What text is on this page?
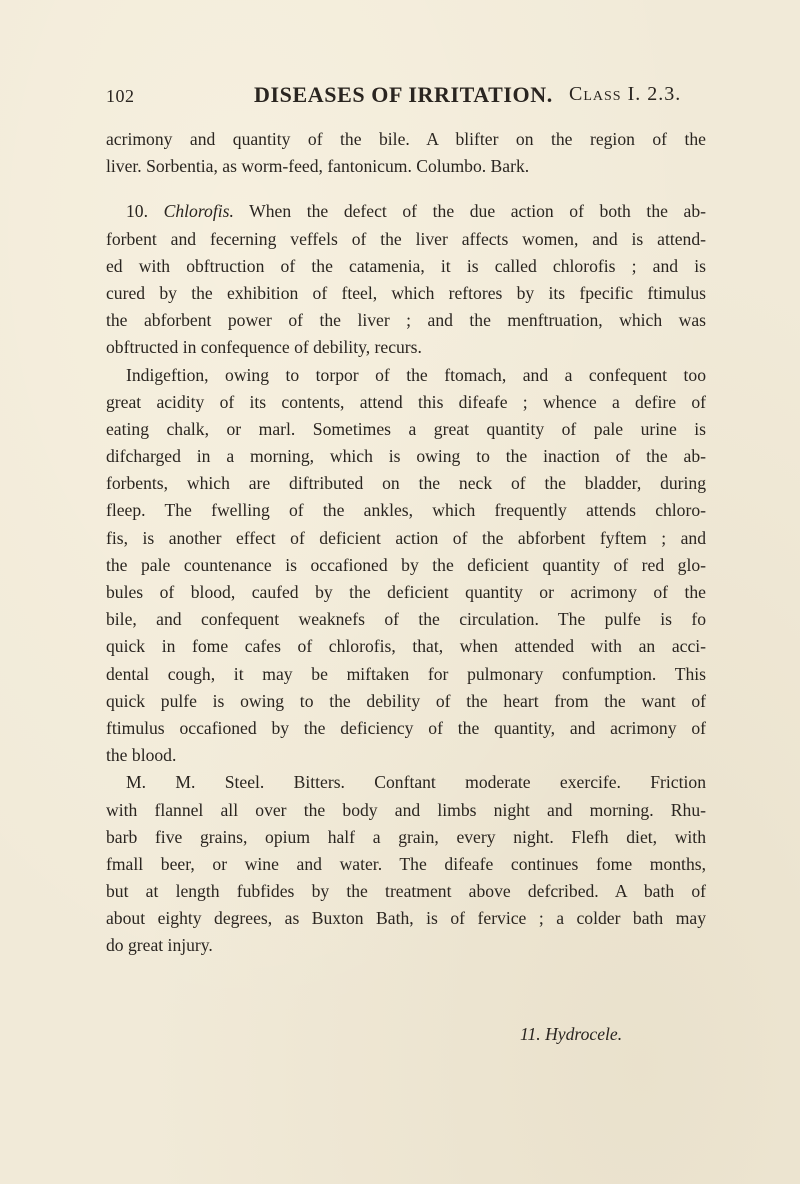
102	DISEASES OF IRRITATION. Class I. 2.3.
acrimony and quantity of the bile. A blifter on the region of the
liver. Sorbentia, as worm-feed, fantonicum. Columbo. Bark.
10. Chlorofis. When the defect of the due action of both the ab-
forbent and fecerning veffels of the liver affects women, and is attend-
ed with obftruction of the catamenia, it is called chlorofis ; and is
cured by the exhibition of fteel, which reftores by its fpecific ftimulus
the abforbent power of the liver ; and the menftruation, which was
obftructed in confequence of debility, recurs.
Indigeftion, owing to torpor of the ftomach, and a confequent too
great acidity of its contents, attend this difeafe ; whence a defire of
eating chalk, or marl. Sometimes a great quantity of pale urine is
difcharged in a morning, which is owing to the inaction of the ab-
forbents, which are diftributed on the neck of the bladder, during
fleep. The fwelling of the ankles, which frequently attends chloro-
fis, is another effect of deficient action of the abforbent fyftem ; and
the pale countenance is occafioned by the deficient quantity of red glo-
bules of blood, caufed by the deficient quantity or acrimony of the
bile, and confequent weaknefs of the circulation. The pulfe is fo
quick in fome cafes of chlorofis, that, when attended with an acci-
dental cough, it may be miftaken for pulmonary confumption. This
quick pulfe is owing to the debility of the heart from the want of
ftimulus occafioned by the deficiency of the quantity, and acrimony of
the blood.
M. M. Steel. Bitters. Conftant moderate exercife. Friction
with flannel all over the body and limbs night and morning. Rhu-
barb five grains, opium half a grain, every night. Flefh diet, with
fmall beer, or wine and water. The difeafe continues fome months,
but at length fubfides by the treatment above defcribed. A bath of
about eighty degrees, as Buxton Bath, is of fervice ; a colder bath may
do great injury.
11. Hydrocele.
